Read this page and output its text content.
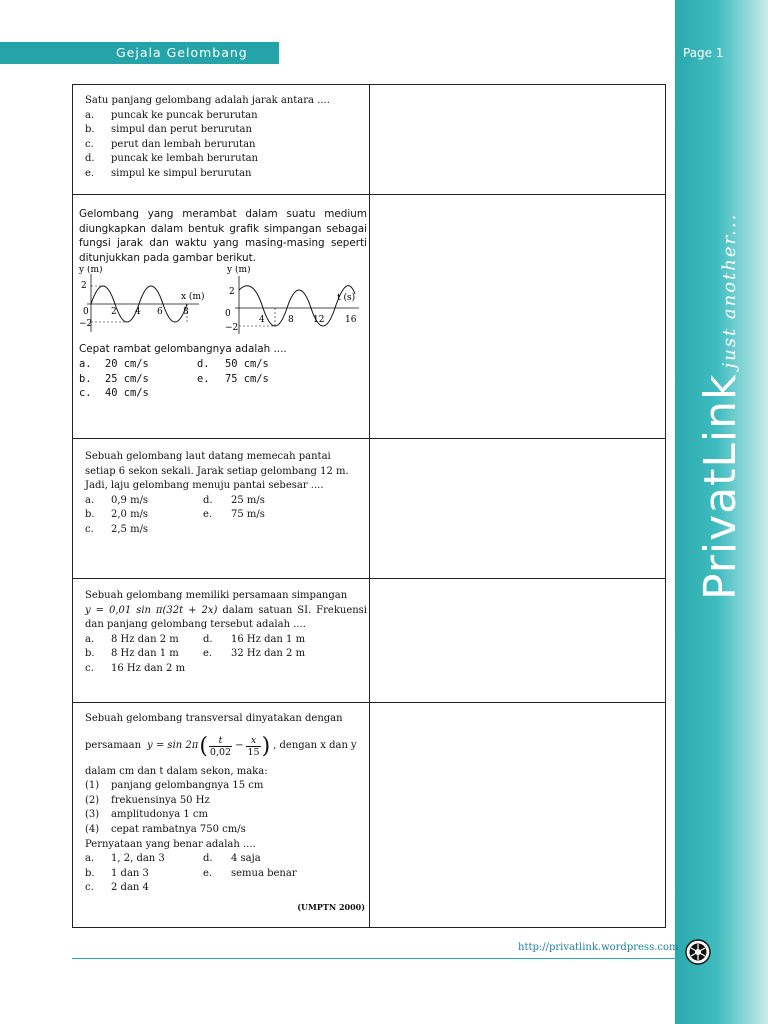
Page 1
PrivatLink just another...
Gejala Gelombang

Satu panjang gelombang adalah jarak antara ....

a. puncak ke puncak berurutan
b. simpul dan perut berurutan
c. perut dan lembah berurutan
d. puncak ke lembah berurutan
e. simpul ke simpul berurutan

Gelombang yang merambat dalam suatu medium diungkapkan dalam bentuk grafik simpangan sebagai fungsi jarak dan waktu yang masing-masing seperti ditunjukkan pada gambar berikut.

y (m)
2
−2
0 2 4 6 8
x (m)
y (m)
2
−2
0
4	8 12 16
t (s)

Cepat rambat gelombangnya adalah ....

a. 20 cm/s	d. 50 cm/s
b. 25 cm/s	e. 75 cm/s
c. 40 cm/s

Sebuah gelombang laut datang memecah pantai setiap 6 sekon sekali. Jarak setiap gelombang 12 m. Jadi, laju gelombang menuju pantai sebesar ....

a. 0,9 m/s	d. 25 m/s
b. 2,0 m/s	e. 75 m/s
c. 2,5 m/s

Sebuah gelombang memiliki persamaan simpangan

y = 0,01 sin π(32t + 2x) dalam satuan SI. Frekuensi dan panjang gelombang tersebut adalah ....

a. 8 Hz dan 2 m d. 16 Hz dan 1 m
b. 8 Hz dan 1 m e. 32 Hz dan 2 m
c. 16 Hz dan 2 m

Sebuah gelombang transversal dinyatakan dengan

persamaan y = sin 2π ( $\frac{t}{0,02} - \frac{x}{15}$ ) , dengan x dan y

dalam cm dan t dalam sekon, maka:

(1) panjang gelombangnya 15 cm
(2) frekuensinya 50 Hz
(3) amplitudonya 1 cm
(4) cepat rambatnya 750 cm/s

Pernyataan yang benar adalah ....

a. 1, 2, dan 3	d. 4 saja
b. 1 dan 3	e. semua benar
c. 2 dan 4
(UMPTN 2000)
http://privatlink.wordpress.com
